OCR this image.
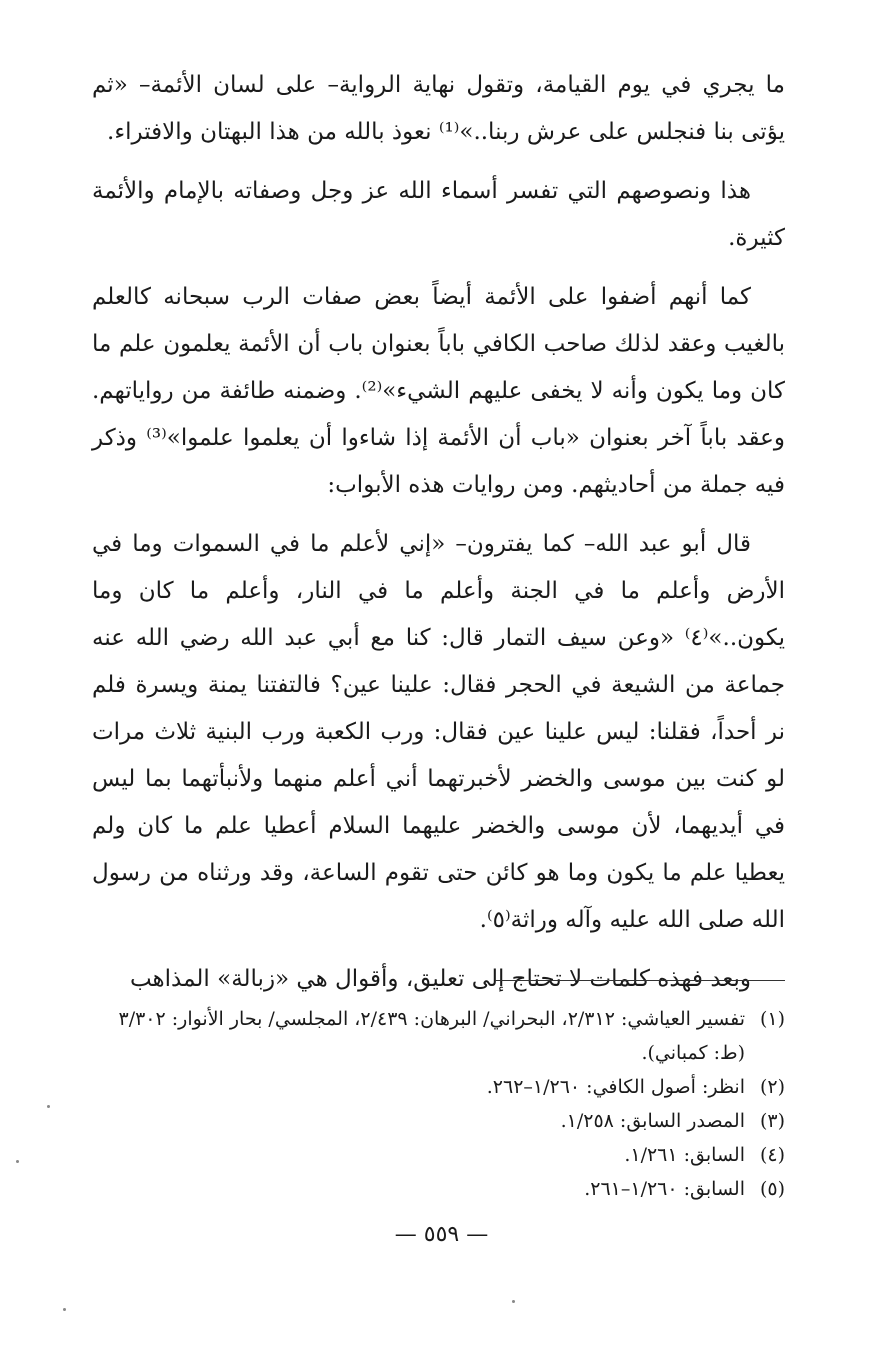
ما يجري في يوم القيامة، وتقول نهاية الرواية– على لسان الأئمة– «ثم يؤتى بنا فنجلس على عرش ربنا..»⁽¹⁾ نعوذ بالله من هذا البهتان والافتراء.

هذا ونصوصهم التي تفسر أسماء الله عز وجل وصفاته بالإمام والأئمة كثيرة.

كما أنهم أضفوا على الأئمة أيضاً بعض صفات الرب سبحانه كالعلم بالغيب وعقد لذلك صاحب الكافي باباً بعنوان باب أن الأئمة يعلمون علم ما كان وما يكون وأنه لا يخفى عليهم الشيء»⁽²⁾. وضمنه طائفة من رواياتهم. وعقد باباً آخر بعنوان «باب أن الأئمة إذا شاءوا أن يعلموا علموا»⁽³⁾ وذكر فيه جملة من أحاديثهم. ومن روايات هذه الأبواب:

قال أبو عبد الله– كما يفترون– «إني لأعلم ما في السموات وما في الأرض وأعلم ما في الجنة وأعلم ما في النار، وأعلم ما كان وما يكون..»⁽٤⁾ «وعن سيف التمار قال: كنا مع أبي عبد الله رضي الله عنه جماعة من الشيعة في الحجر فقال: علينا عين؟ فالتفتنا يمنة ويسرة فلم نر أحداً، فقلنا: ليس علينا عين فقال: ورب الكعبة ورب البنية ثلاث مرات لو كنت بين موسى والخضر لأخبرتهما أني أعلم منهما ولأنبأتهما بما ليس في أيديهما، لأن موسى والخضر عليهما السلام أعطيا علم ما كان ولم يعطيا علم ما يكون وما هو كائن حتى تقوم الساعة، وقد ورثناه من رسول الله صلى الله عليه وآله وراثة⁽٥⁾.

وبعد فهذه كلمات لا تحتاج إلى تعليق، وأقوال هي «زبالة» المذاهب

(١)
تفسير العياشي: ٢/٣١٢، البحراني/ البرهان: ٢/٤٣٩، المجلسي/ بحار الأنوار: ٣/٣٠٢ (ط: كمباني).
(٢)
انظر: أصول الكافي: ١/٢٦٠–٢٦٢.
(٣)
المصدر السابق: ١/٢٥٨.
(٤)
السابق: ١/٢٦١.
(٥)
السابق: ١/٢٦٠–٢٦١.
— ٥٥٩ —
